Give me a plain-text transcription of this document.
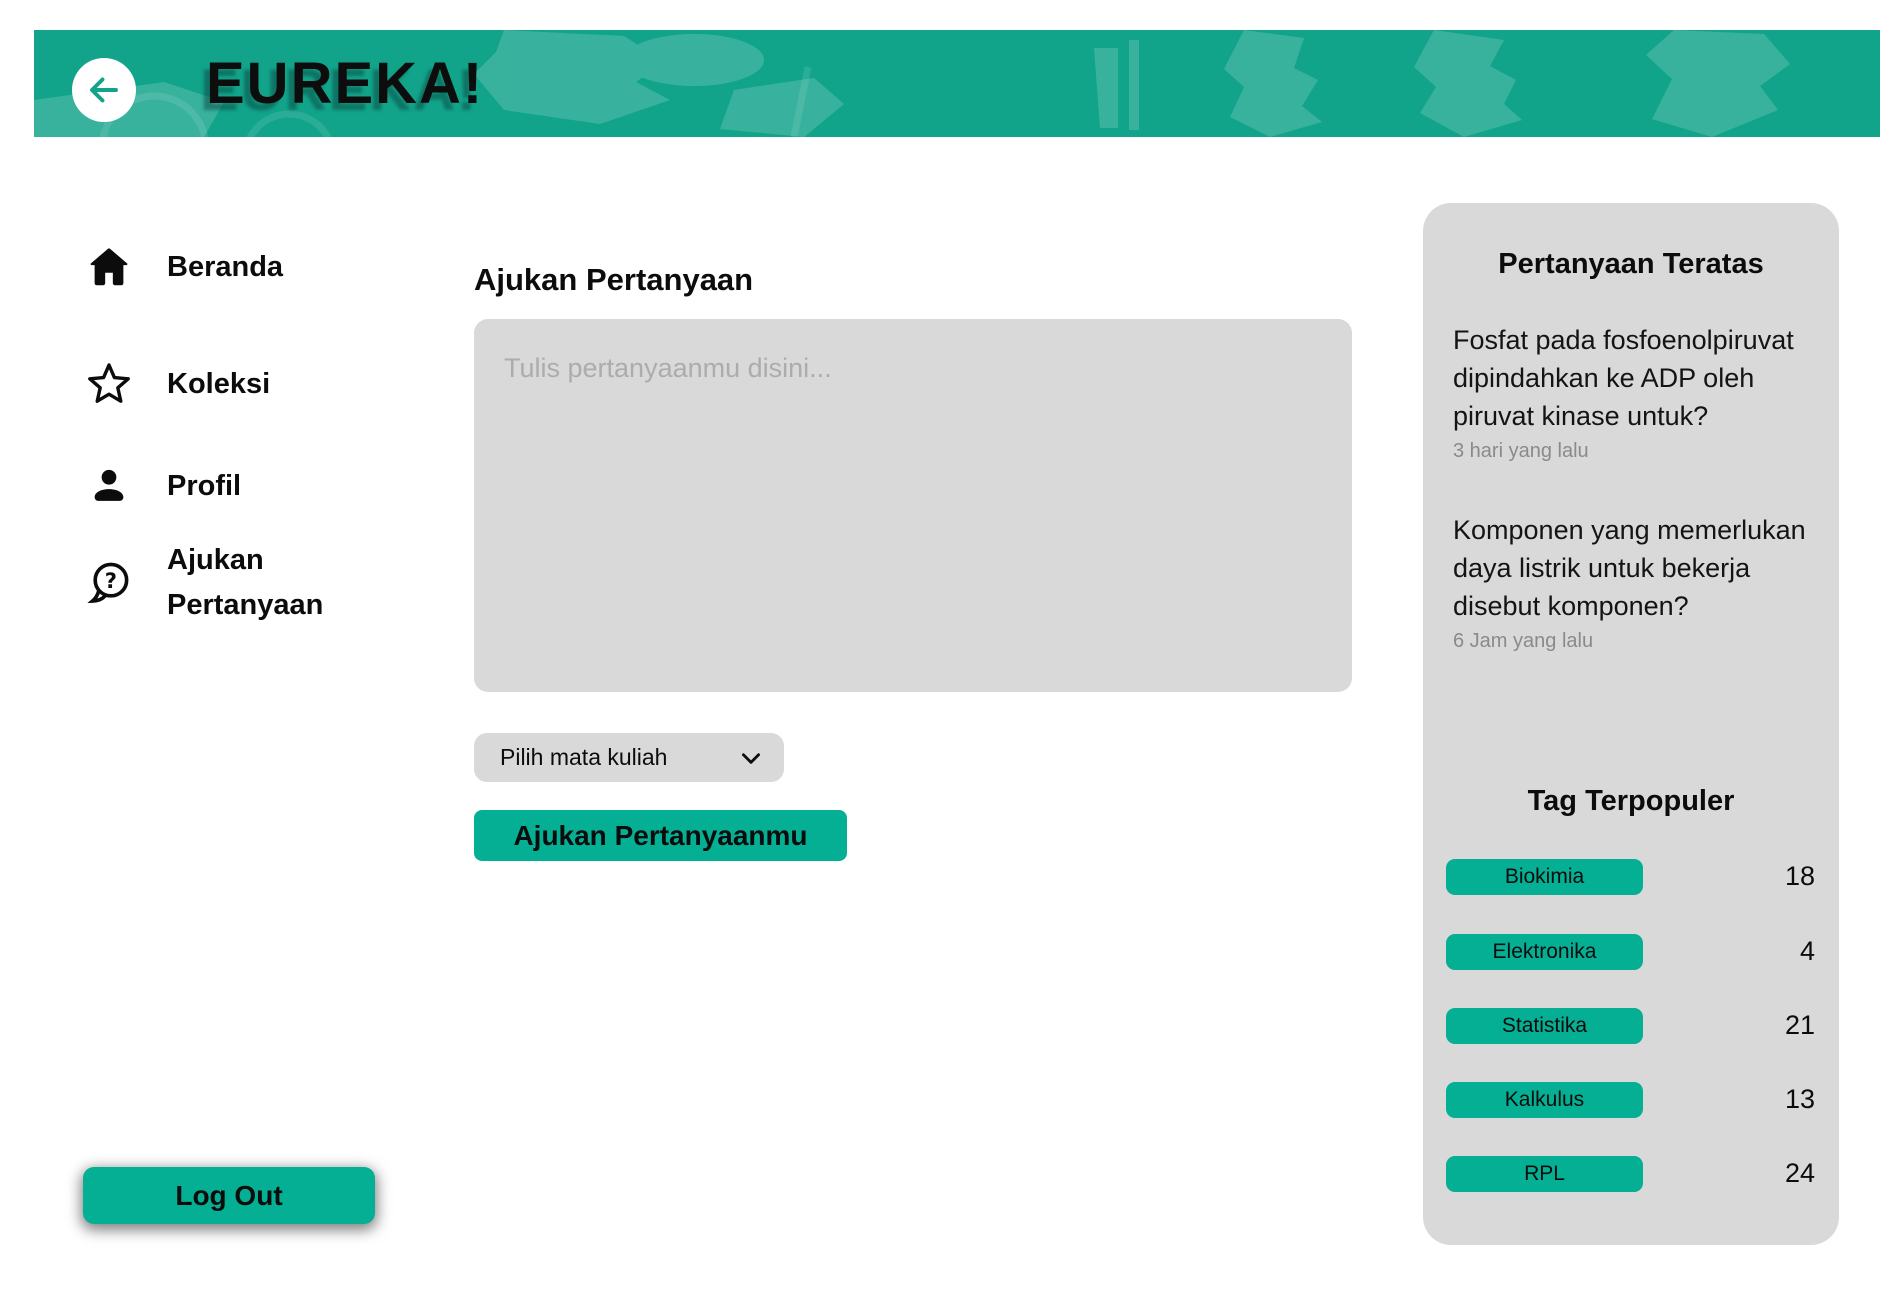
EUREKA!
Beranda
Koleksi
Profil
?
Ajukan Pertanyaan
Log Out
Ajukan Pertanyaan
Tulis pertanyaanmu disini...
Pilih mata kuliah
Ajukan Pertanyaanmu
Pertanyaan Teratas
Fosfat pada fosfoenolpiruvat dipindahkan ke ADP oleh piruvat kinase untuk?
3 hari yang lalu
Komponen yang memerlukan daya listrik untuk bekerja disebut komponen?
6 Jam yang lalu
Tag Terpopuler
Biokimia	18
Elektronika	4
Statistika	21
Kalkulus	13
RPL	24
